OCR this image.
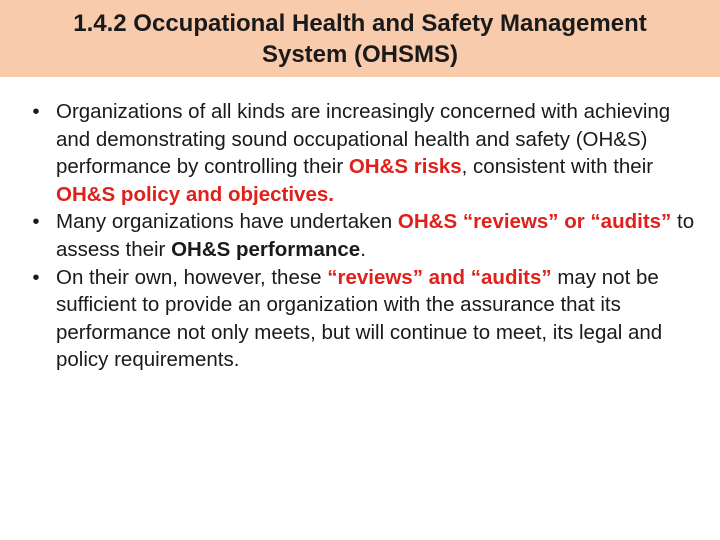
1.4.2 Occupational Health and Safety Management
System (OHSMS)
• Organizations of all kinds are increasingly concerned with achieving and demonstrating sound occupational health and safety (OH&S) performance by controlling their OH&S risks, consistent with their OH&S policy and objectives.
• Many organizations have undertaken OH&S “reviews” or “audits” to assess their OH&S performance.
• On their own, however, these “reviews” and “audits” may not be sufficient to provide an organization with the assurance that its performance not only meets, but will continue to meet, its legal and policy requirements.
